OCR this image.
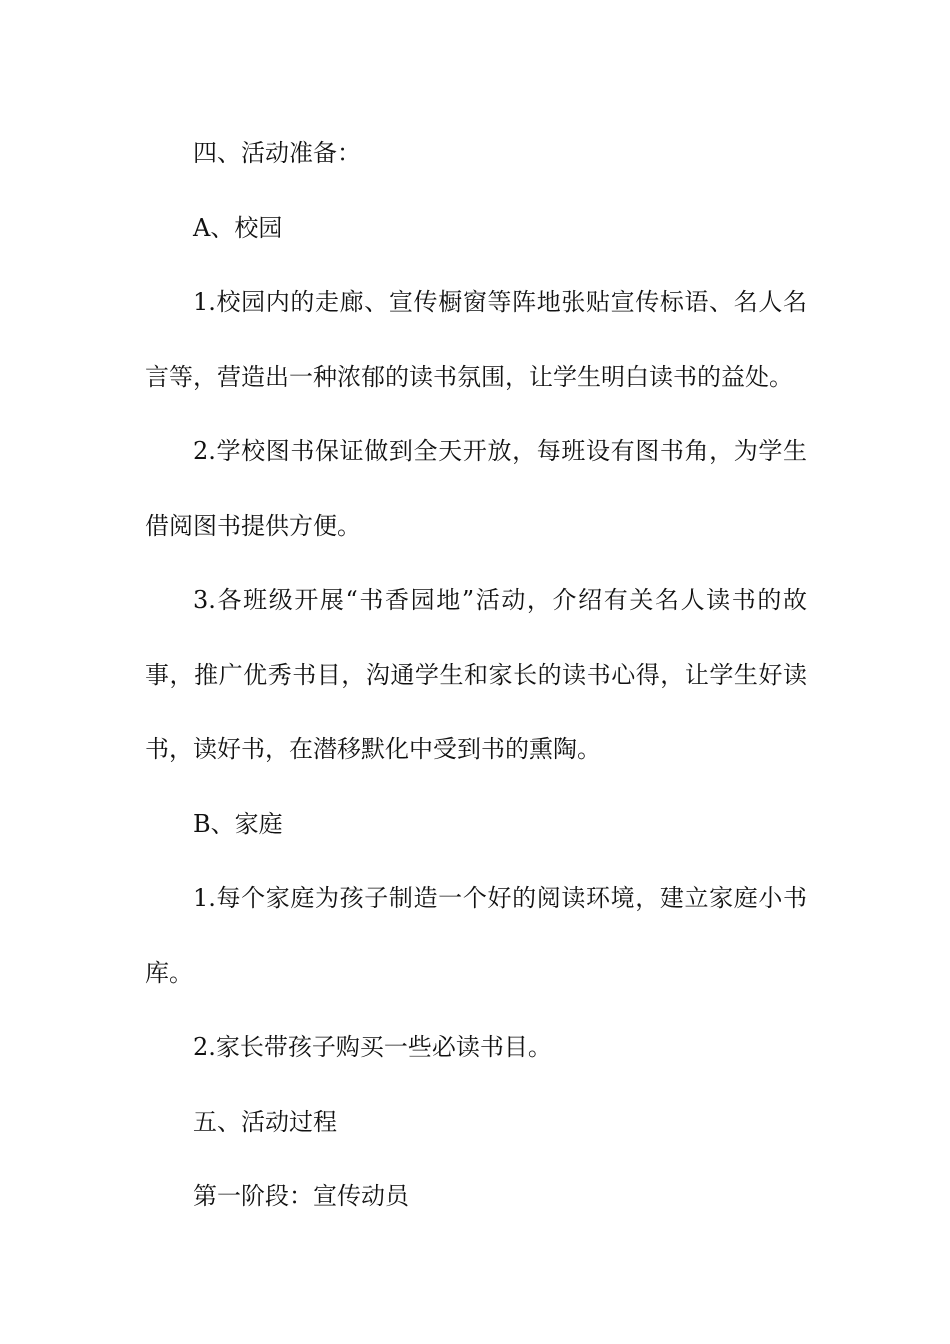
四、活动准备：

A、校园

1.校园内的走廊、宣传橱窗等阵地张贴宣传标语、名人名言等，营造出一种浓郁的读书氛围，让学生明白读书的益处。

2.学校图书保证做到全天开放，每班设有图书角，为学生借阅图书提供方便。

3.各班级开展“书香园地”活动，介绍有关名人读书的故事，推广优秀书目，沟通学生和家长的读书心得，让学生好读书，读好书，在潜移默化中受到书的熏陶。

B、家庭

1.每个家庭为孩子制造一个好的阅读环境，建立家庭小书库。

2.家长带孩子购买一些必读书目。

五、活动过程

第一阶段：宣传动员
